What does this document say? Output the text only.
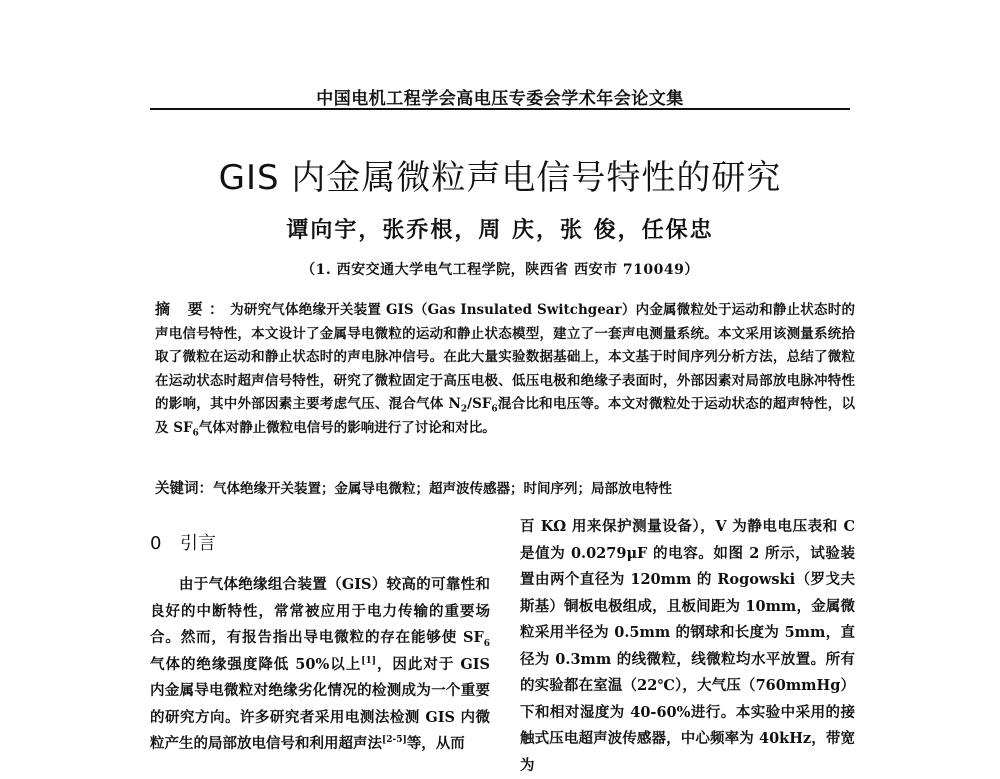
中国电机工程学会高电压专委会学术年会论文集
GIS 内金属微粒声电信号特性的研究
谭向宇，张乔根，周 庆，张 俊，任保忠
（1. 西安交通大学电气工程学院，陕西省 西安市 710049）
摘 要：为研究气体绝缘开关装置 GIS（Gas Insulated Switchgear）内金属微粒处于运动和静止状态时的声电信号特性，本文设计了金属导电微粒的运动和静止状态模型，建立了一套声电测量系统。本文采用该测量系统拾取了微粒在运动和静止状态时的声电脉冲信号。在此大量实验数据基础上，本文基于时间序列分析方法，总结了微粒在运动状态时超声信号特性，研究了微粒固定于高压电极、低压电极和绝缘子表面时，外部因素对局部放电脉冲特性的影响，其中外部因素主要考虑气压、混合气体 $N_2/SF_6$混合比和电压等。本文对微粒处于运动状态的超声特性，以及 $SF_6$气体对静止微粒电信号的影响进行了讨论和对比。
关键词：气体绝缘开关装置；金属导电微粒；超声波传感器；时间序列；局部放电特性
0 引言

由于气体绝缘组合装置（GIS）较高的可靠性和良好的中断特性，常常被应用于电力传输的重要场合。然而，有报告指出导电微粒的存在能够使 $SF_6$ 气体的绝缘强度降低 50%以上[1]，因此对于 GIS 内金属导电微粒对绝缘劣化情况的检测成为一个重要的研究方向。许多研究者采用电测法检测 GIS 内微粒产生的局部放电信号和利用超声法[2-5]等，从而

百 KΩ 用来保护测量设备），V 为静电电压表和 C 是值为 0.0279μF 的电容。如图 2 所示，试验装置由两个直径为 120mm 的 Rogowski（罗戈夫斯基）铜板电极组成，且板间距为 10mm，金属微粒采用半径为 0.5mm 的钢球和长度为 5mm，直径为 0.3mm 的线微粒，线微粒均水平放置。所有的实验都在室温（22℃），大气压（760mmHg）下和相对湿度为 40-60%进行。本实验中采用的接触式压电超声波传感器，中心频率为 40kHz，带宽为
